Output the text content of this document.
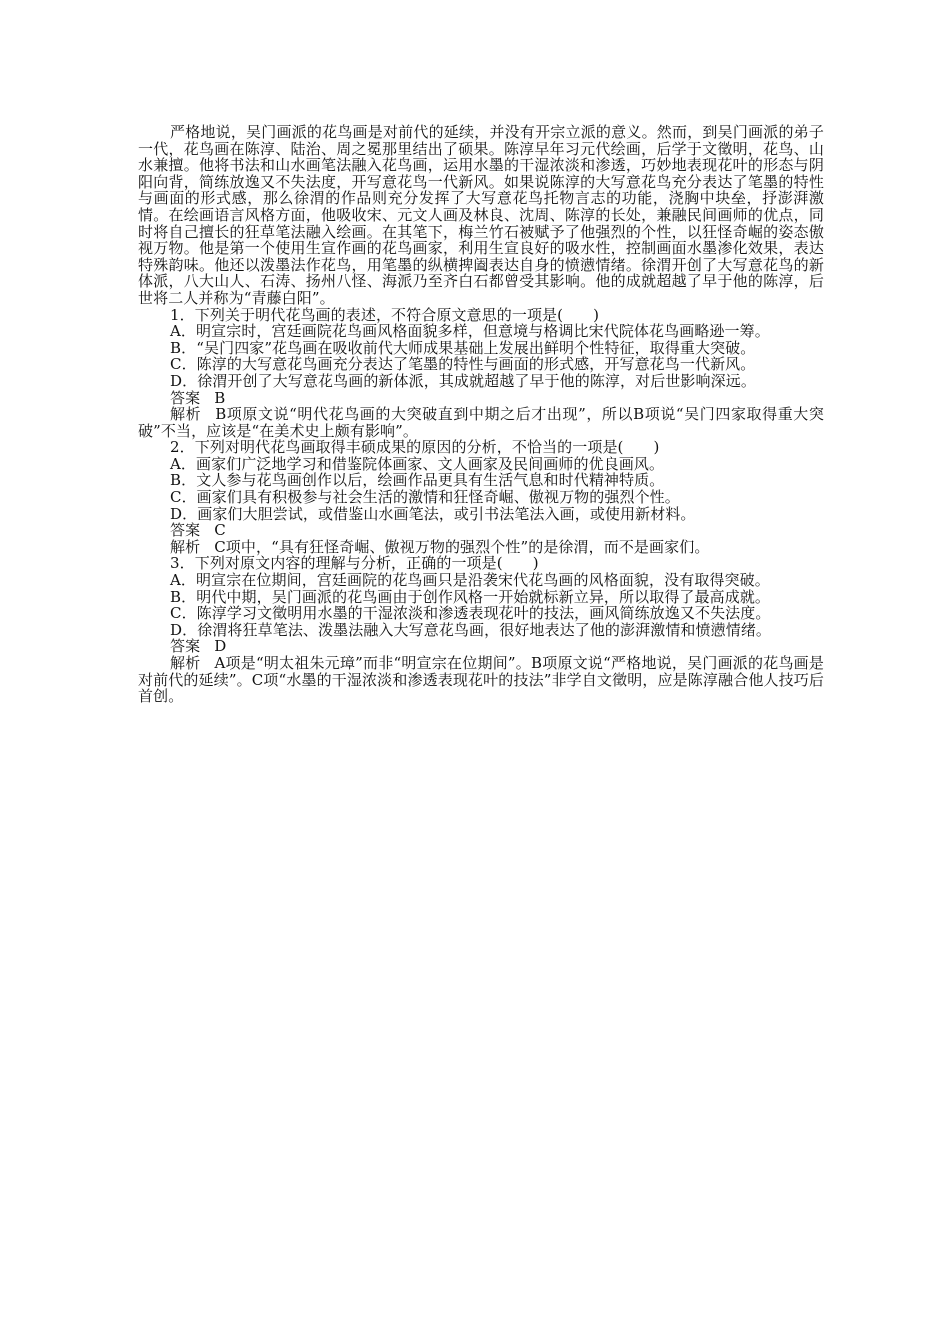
严格地说，吴门画派的花鸟画是对前代的延续，并没有开宗立派的意义。然而，到吴门画派的弟子一代，花鸟画在陈淳、陆治、周之冕那里结出了硕果。陈淳早年习元代绘画，后学于文徵明，花鸟、山水兼擅。他将书法和山水画笔法融入花鸟画，运用水墨的干湿浓淡和渗透，巧妙地表现花叶的形态与阴阳向背，简练放逸又不失法度，开写意花鸟一代新风。如果说陈淳的大写意花鸟充分表达了笔墨的特性与画面的形式感，那么徐渭的作品则充分发挥了大写意花鸟托物言志的功能，浇胸中块垒，抒澎湃激情。在绘画语言风格方面，他吸收宋、元文人画及林良、沈周、陈淳的长处，兼融民间画师的优点，同时将自己擅长的狂草笔法融入绘画。在其笔下，梅兰竹石被赋予了他强烈的个性，以狂怪奇崛的姿态傲视万物。他是第一个使用生宣作画的花鸟画家，利用生宣良好的吸水性，控制画面水墨渗化效果，表达特殊韵味。他还以泼墨法作花鸟，用笔墨的纵横捭阖表达自身的愤懑情绪。徐渭开创了大写意花鸟的新体派，八大山人、石涛、扬州八怪、海派乃至齐白石都曾受其影响。他的成就超越了早于他的陈淳，后世将二人并称为“青藤白阳”。

1．下列关于明代花鸟画的表述，不符合原文意思的一项是( )

A．明宣宗时，宫廷画院花鸟画风格面貌多样，但意境与格调比宋代院体花鸟画略逊一筹。

B．“吴门四家”花鸟画在吸收前代大师成果基础上发展出鲜明个性特征，取得重大突破。

C．陈淳的大写意花鸟画充分表达了笔墨的特性与画面的形式感，开写意花鸟一代新风。

D．徐渭开创了大写意花鸟画的新体派，其成就超越了早于他的陈淳，对后世影响深远。

答案 B

解析 B项原文说“明代花鸟画的大突破直到中期之后才出现”，所以B项说“吴门四家取得重大突破”不当，应该是“在美术史上颇有影响”。

2．下列对明代花鸟画取得丰硕成果的原因的分析，不恰当的一项是( )

A．画家们广泛地学习和借鉴院体画家、文人画家及民间画师的优良画风。

B．文人参与花鸟画创作以后，绘画作品更具有生活气息和时代精神特质。

C．画家们具有积极参与社会生活的激情和狂怪奇崛、傲视万物的强烈个性。

D．画家们大胆尝试，或借鉴山水画笔法，或引书法笔法入画，或使用新材料。

答案 C

解析 C项中，“具有狂怪奇崛、傲视万物的强烈个性”的是徐渭，而不是画家们。

3．下列对原文内容的理解与分析，正确的一项是( )

A．明宣宗在位期间，宫廷画院的花鸟画只是沿袭宋代花鸟画的风格面貌，没有取得突破。

B．明代中期，吴门画派的花鸟画由于创作风格一开始就标新立异，所以取得了最高成就。

C．陈淳学习文徵明用水墨的干湿浓淡和渗透表现花叶的技法，画风简练放逸又不失法度。

D．徐渭将狂草笔法、泼墨法融入大写意花鸟画，很好地表达了他的澎湃激情和愤懑情绪。

答案 D

解析 A项是“明太祖朱元璋”而非“明宣宗在位期间”。B项原文说“严格地说，吴门画派的花鸟画是对前代的延续”。C项“水墨的干湿浓淡和渗透表现花叶的技法”非学自文徵明，应是陈淳融合他人技巧后首创。
